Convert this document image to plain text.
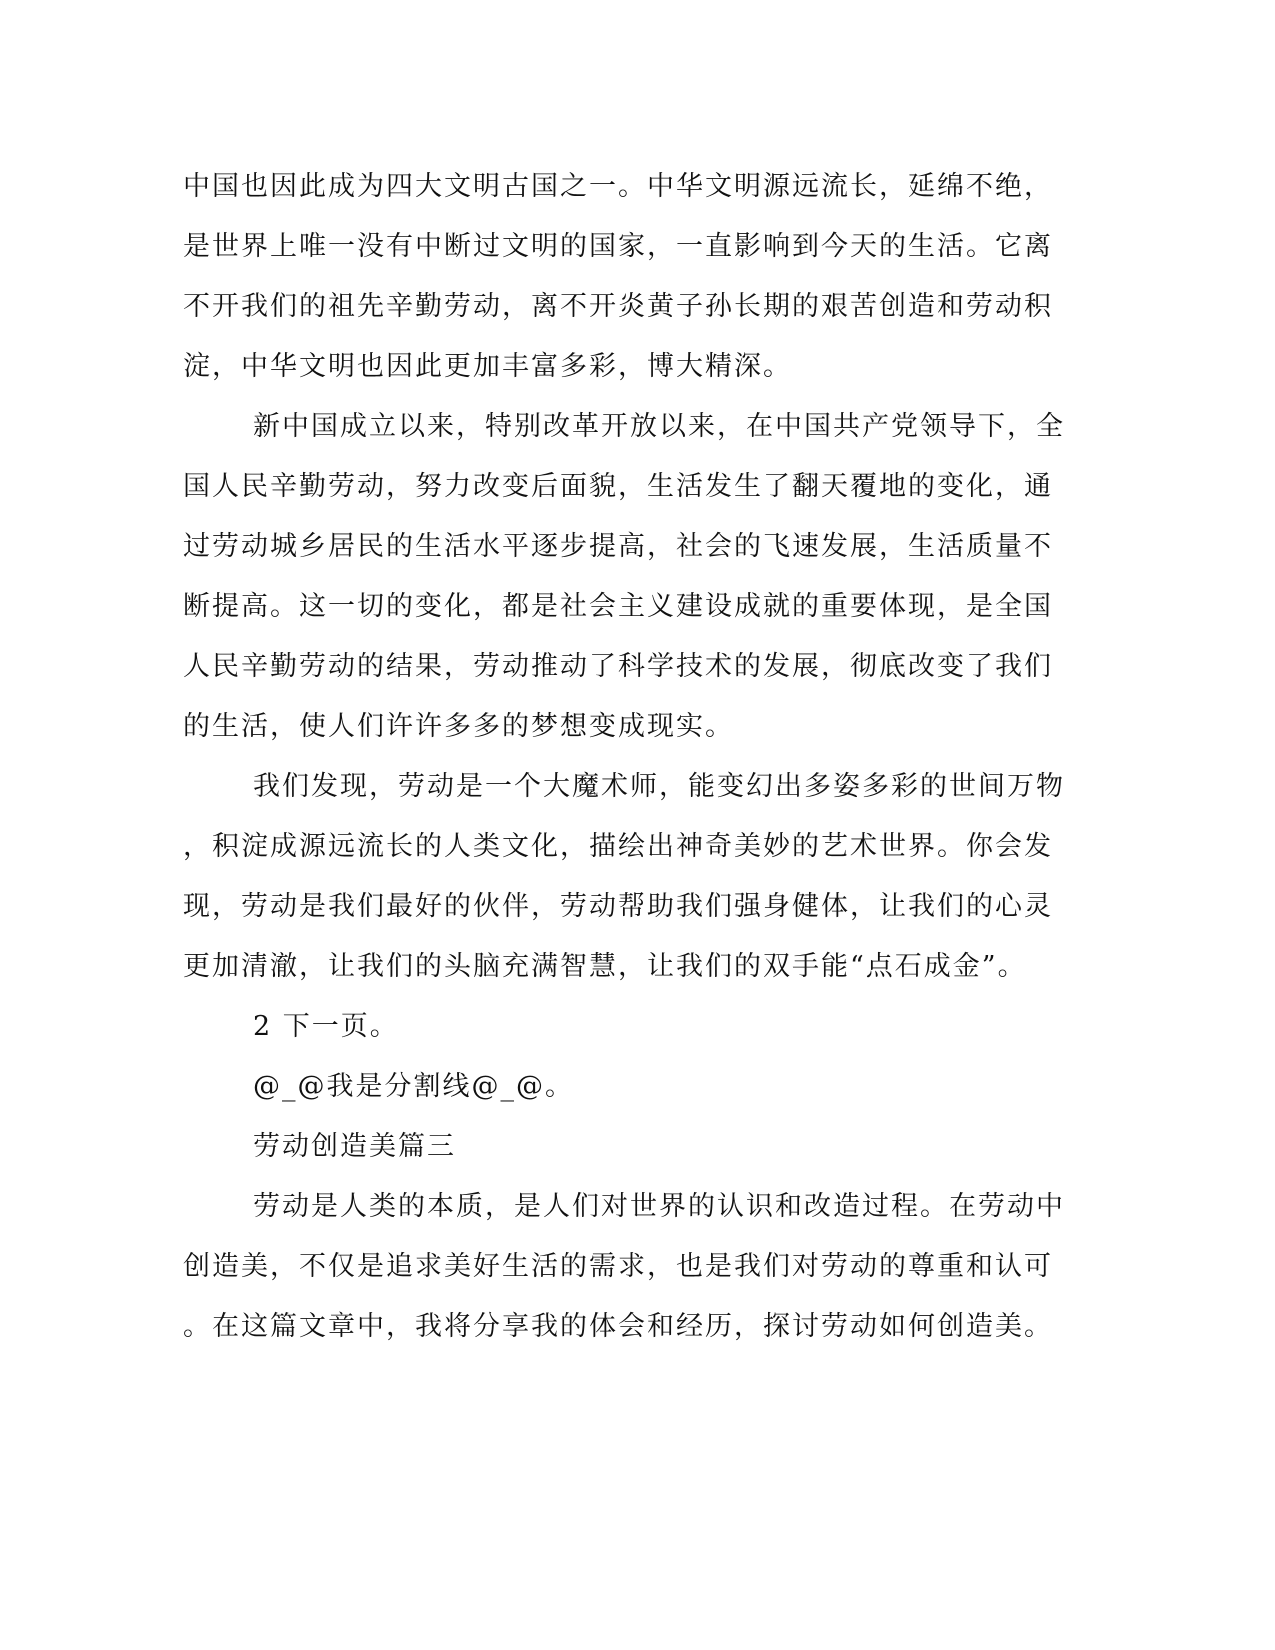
中国也因此成为四大文明古国之一。中华文明源远流长，延绵不绝，
是世界上唯一没有中断过文明的国家，一直影响到今天的生活。它离
不开我们的祖先辛勤劳动，离不开炎黄子孙长期的艰苦创造和劳动积
淀，中华文明也因此更加丰富多彩，博大精深。
新中国成立以来，特别改革开放以来，在中国共产党领导下，全
国人民辛勤劳动，努力改变后面貌，生活发生了翻天覆地的变化，通
过劳动城乡居民的生活水平逐步提高，社会的飞速发展，生活质量不
断提高。这一切的变化，都是社会主义建设成就的重要体现，是全国
人民辛勤劳动的结果，劳动推动了科学技术的发展，彻底改变了我们
的生活，使人们许许多多的梦想变成现实。
我们发现，劳动是一个大魔术师，能变幻出多姿多彩的世间万物
，积淀成源远流长的人类文化，描绘出神奇美妙的艺术世界。你会发
现，劳动是我们最好的伙伴，劳动帮助我们强身健体，让我们的心灵
更加清澈，让我们的头脑充满智慧，让我们的双手能“点石成金”。
2 下一页。
@_@我是分割线@_@。
劳动创造美篇三
劳动是人类的本质，是人们对世界的认识和改造过程。在劳动中
创造美，不仅是追求美好生活的需求，也是我们对劳动的尊重和认可
。在这篇文章中，我将分享我的体会和经历，探讨劳动如何创造美。
